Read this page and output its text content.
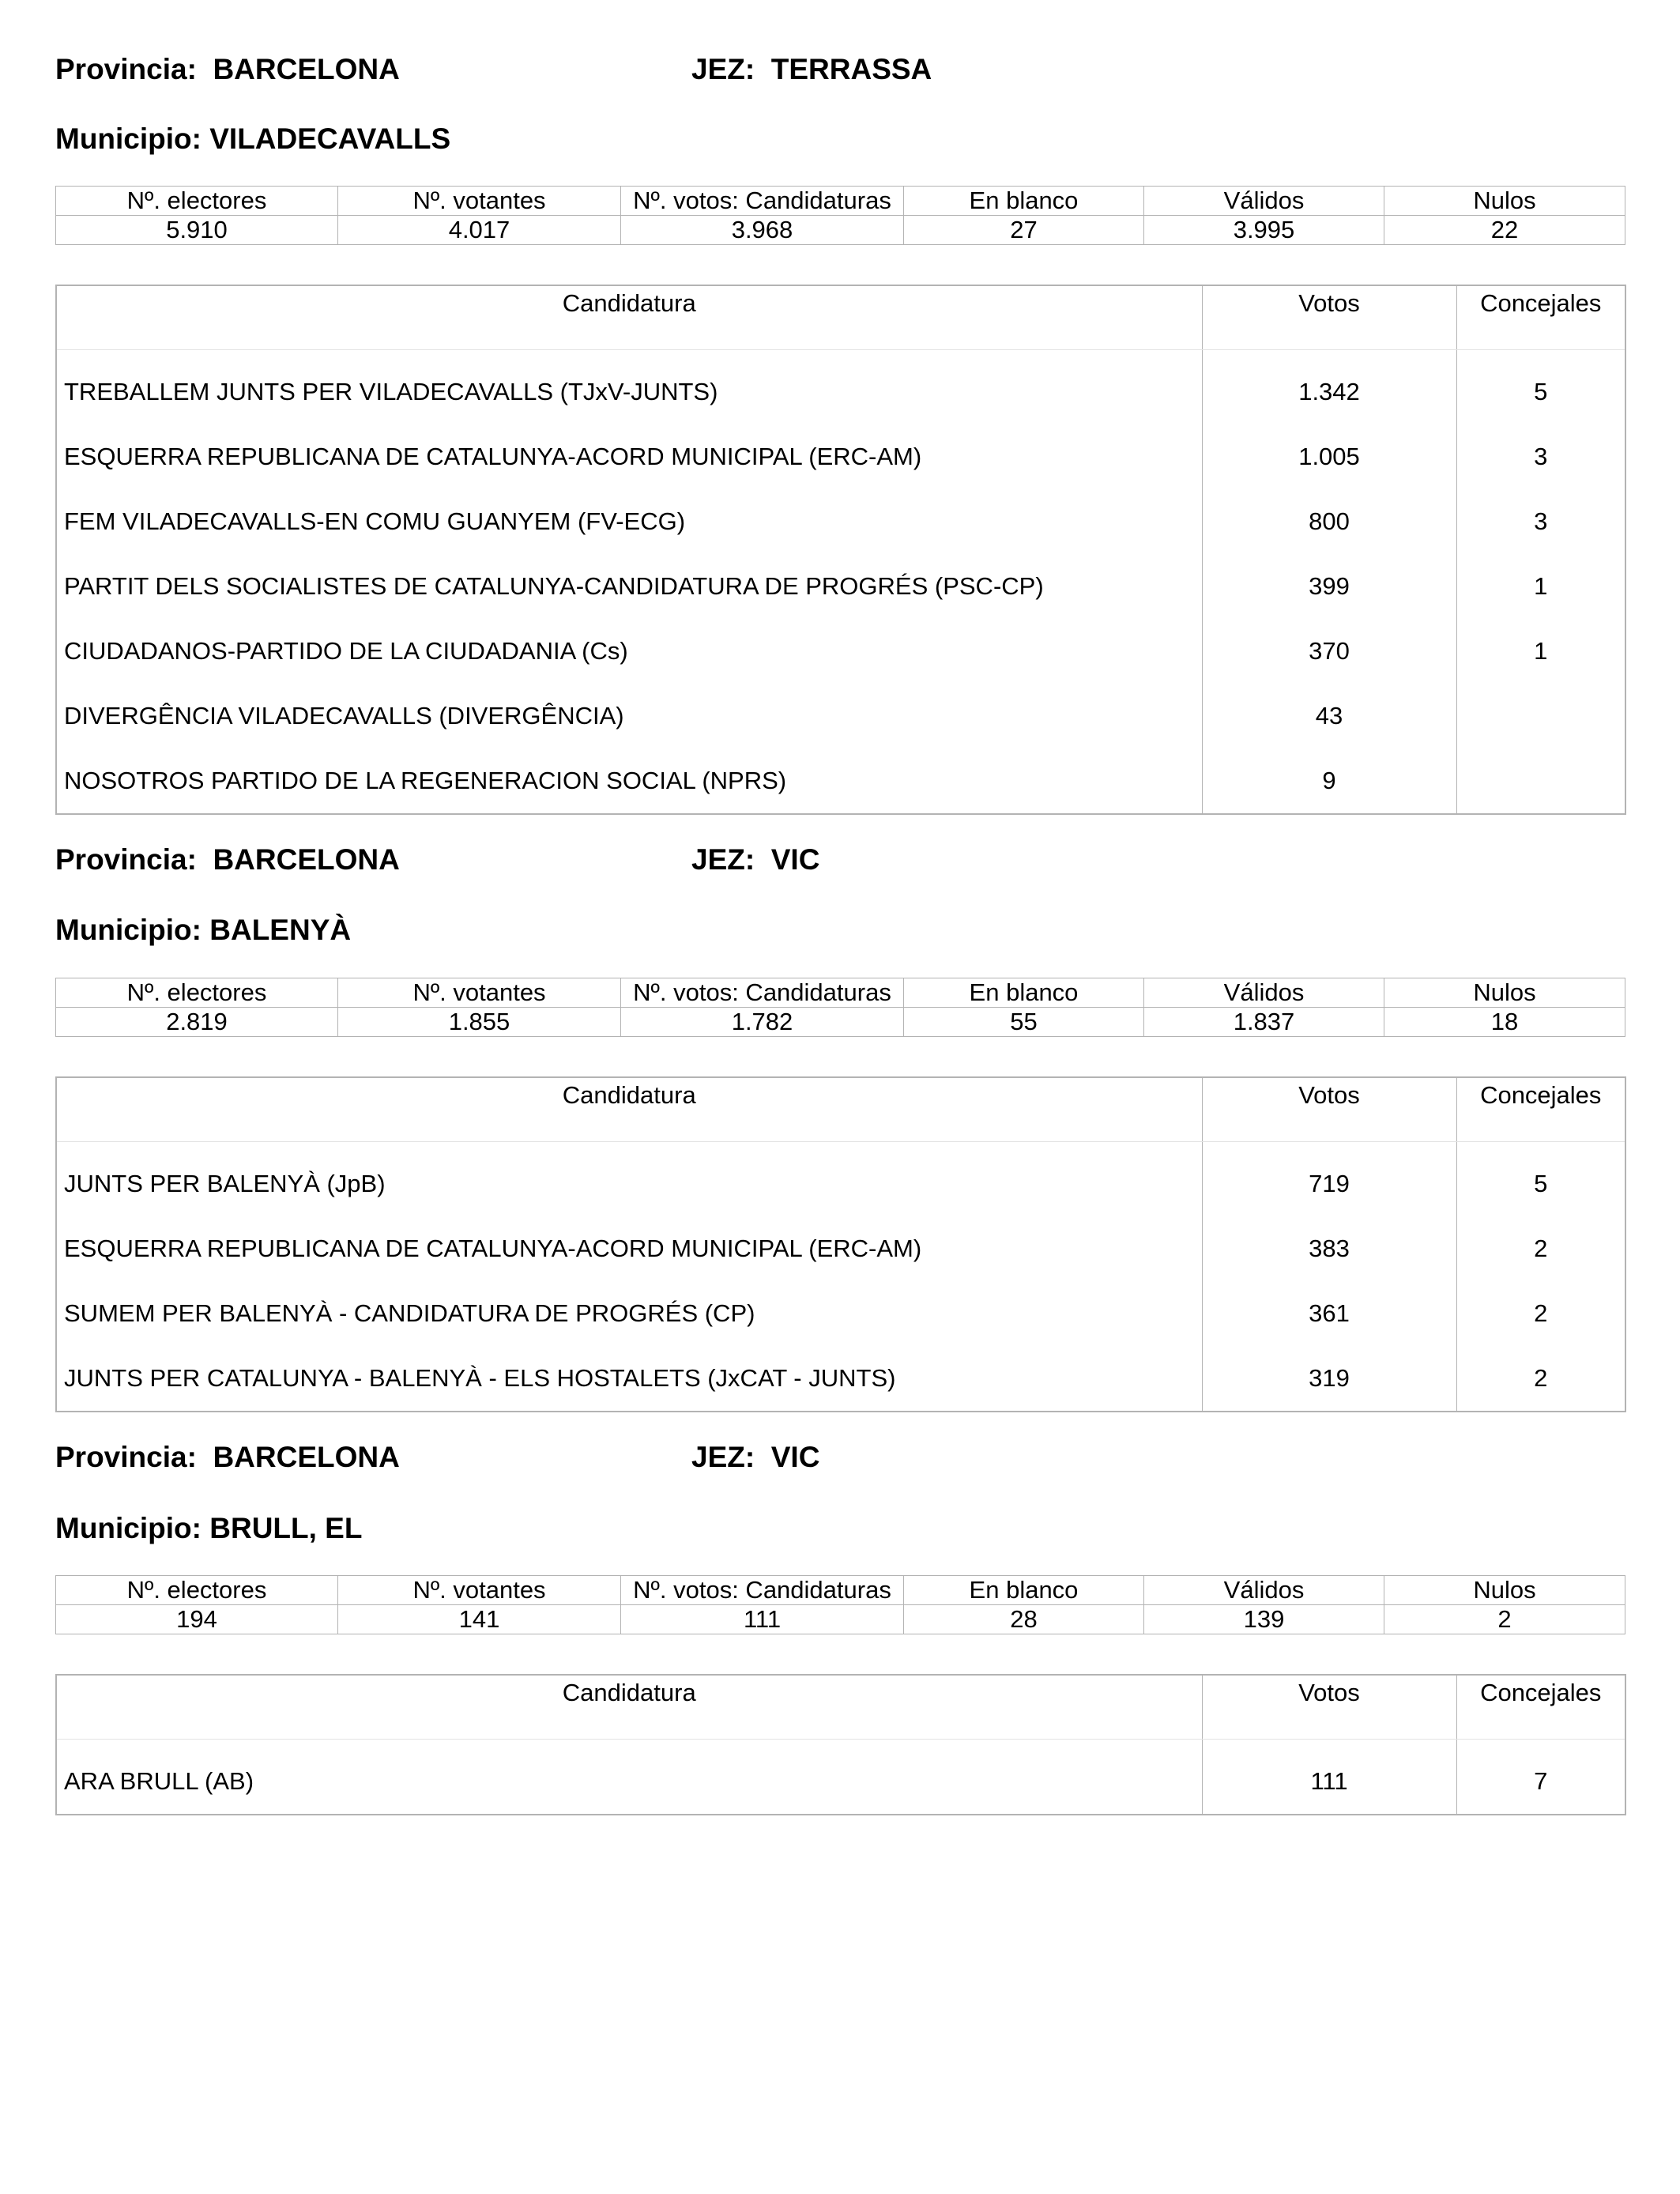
Provincia:  BARCELONA	JEZ:  TERRASSA
Municipio: VILADECAVALLS
Nº. electores	Nº. votantes	Nº. votos: Candidaturas	En blanco	Válidos	Nulos
5.910	4.017	3.968	27	3.995	22
Candidatura	Votos	Concejales
TREBALLEM JUNTS PER VILADECAVALLS (TJxV-JUNTS)	1.342	5
ESQUERRA REPUBLICANA DE CATALUNYA-ACORD MUNICIPAL (ERC-AM)	1.005	3
FEM VILADECAVALLS-EN COMU GUANYEM (FV-ECG)	800	3
PARTIT DELS SOCIALISTES DE CATALUNYA-CANDIDATURA DE PROGRÉS (PSC-CP)	399	1
CIUDADANOS-PARTIDO DE LA CIUDADANIA (Cs)	370	1
DIVERGÊNCIA VILADECAVALLS (DIVERGÊNCIA)	43	
NOSOTROS PARTIDO DE LA REGENERACION SOCIAL (NPRS)	9	
Provincia:  BARCELONA	JEZ:  VIC
Municipio: BALENYÀ
Nº. electores	Nº. votantes	Nº. votos: Candidaturas	En blanco	Válidos	Nulos
2.819	1.855	1.782	55	1.837	18
Candidatura	Votos	Concejales
JUNTS PER BALENYÀ (JpB)	719	5
ESQUERRA REPUBLICANA DE CATALUNYA-ACORD MUNICIPAL (ERC-AM)	383	2
SUMEM PER BALENYÀ - CANDIDATURA DE PROGRÉS (CP)	361	2
JUNTS PER CATALUNYA - BALENYÀ - ELS HOSTALETS (JxCAT - JUNTS)	319	2
Provincia:  BARCELONA	JEZ:  VIC
Municipio: BRULL, EL
Nº. electores	Nº. votantes	Nº. votos: Candidaturas	En blanco	Válidos	Nulos
194	141	111	28	139	2
Candidatura	Votos	Concejales
ARA BRULL (AB)	111	7
